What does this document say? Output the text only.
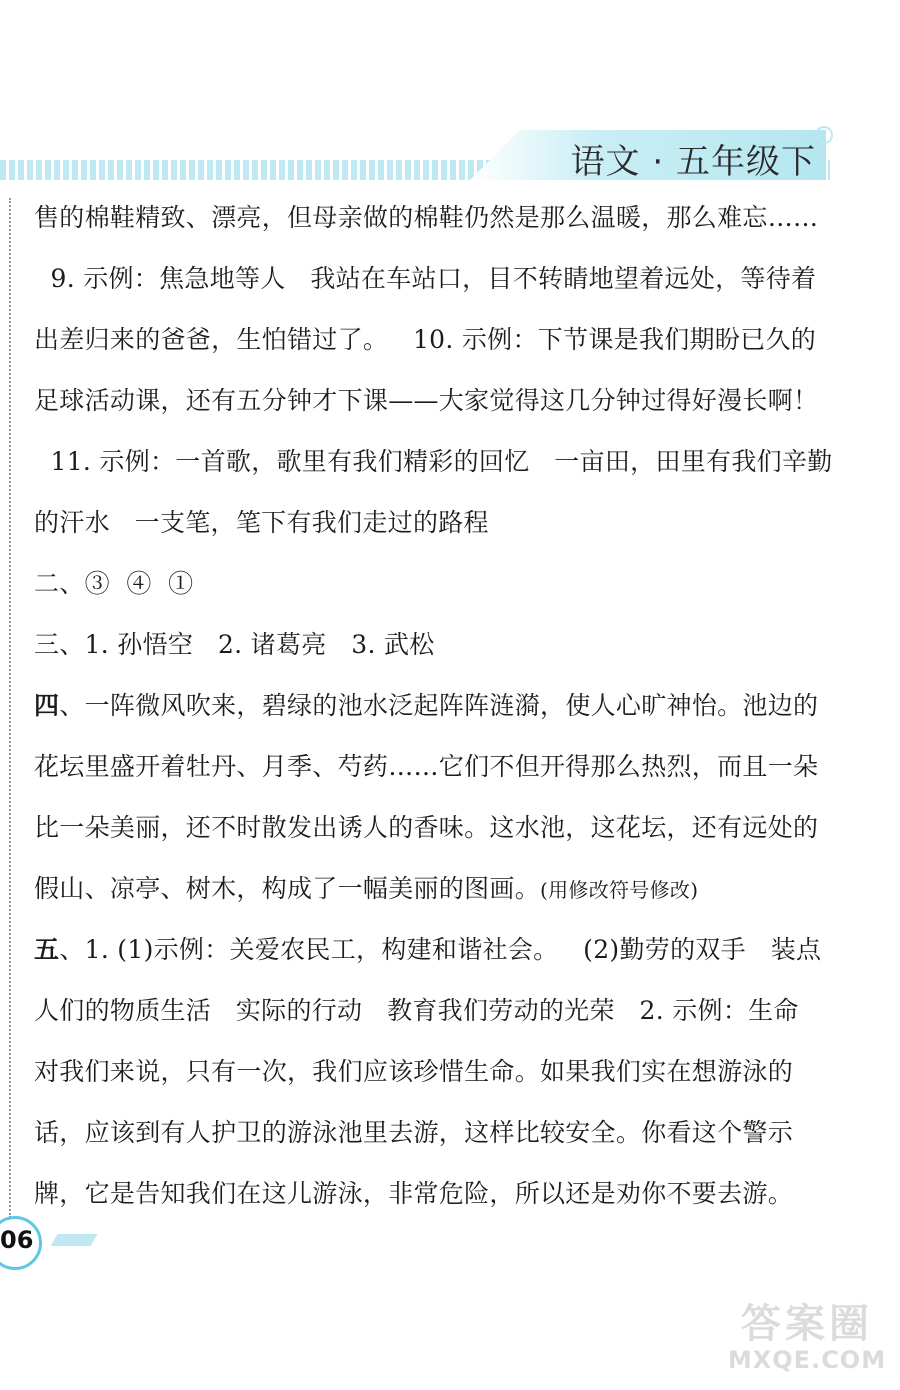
语文 · 五年级下
售的棉鞋精致、漂亮，但母亲做的棉鞋仍然是那么温暖，那么难忘……
9. 示例：焦急地等人   我站在车站口，目不转睛地望着远处，等待着
出差归来的爸爸，生怕错过了。   10. 示例：下节课是我们期盼已久的
足球活动课，还有五分钟才下课——大家觉得这几分钟过得好漫长啊！
11. 示例：一首歌，歌里有我们精彩的回忆   一亩田，田里有我们辛勤
的汗水   一支笔，笔下有我们走过的路程
二、③  ④  ①
三、1. 孙悟空   2. 诸葛亮   3. 武松
四、一阵微风吹来，碧绿的池水泛起阵阵涟漪，使人心旷神怡。池边的
花坛里盛开着牡丹、月季、芍药……它们不但开得那么热烈，而且一朵
比一朵美丽，还不时散发出诱人的香味。这水池，这花坛，还有远处的
假山、凉亭、树木，构成了一幅美丽的图画。(用修改符号修改)
五、1. (1)示例：关爱农民工，构建和谐社会。   (2)勤劳的双手   装点
人们的物质生活   实际的行动   教育我们劳动的光荣   2. 示例：生命
对我们来说，只有一次，我们应该珍惜生命。如果我们实在想游泳的
话，应该到有人护卫的游泳池里去游，这样比较安全。你看这个警示
牌，它是告知我们在这儿游泳，非常危险，所以还是劝你不要去游。
06
答案圈
MXQE.COM
